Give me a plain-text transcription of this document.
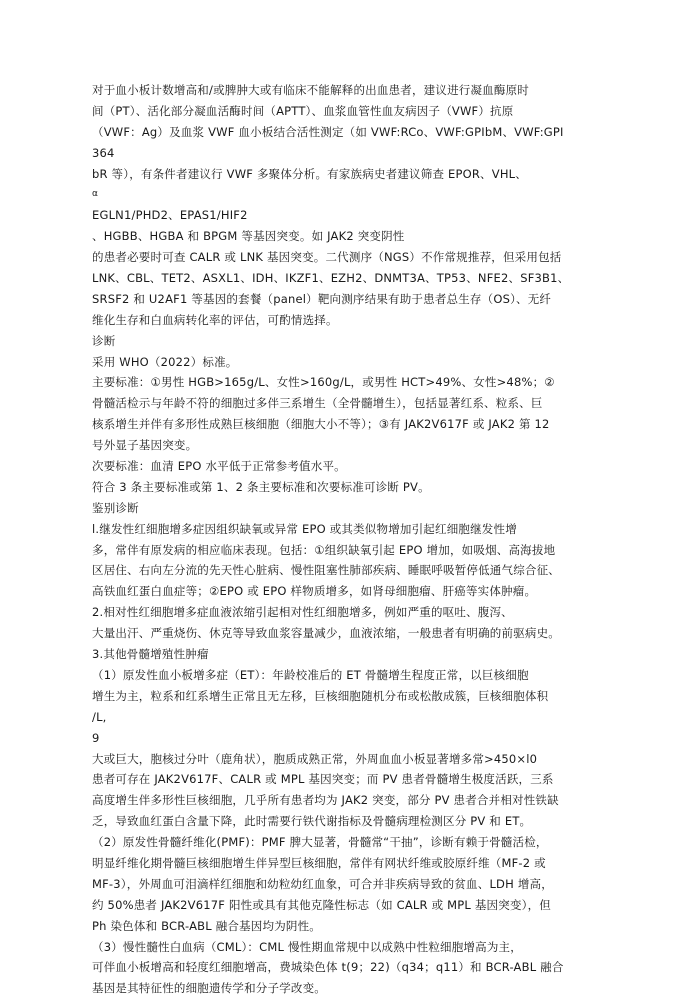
对于血小板计数增高和/或脾肿大或有临床不能解释的出血患者，建议进行凝血酶原时
间（PT）、活化部分凝血活酶时间（APTT）、血浆血管性血友病因子（VWF）抗原
（VWF：Ag）及血浆 VWF 血小板结合活性测定（如 VWF:RCo、VWF:GPⅠbM、VWF:GPⅠ
364
bR 等），有条件者建议行 VWF 多聚体分析。有家族病史者建议筛查 EPOR、VHL、
α
EGLN1/PHD2、EPAS1/HIF2
、HGBB、HGBA 和 BPGM 等基因突变。如 JAK2 突变阴性
的患者必要时可查 CALR 或 LNK 基因突变。二代测序（NGS）不作常规推荐，但采用包括
LNK、CBL、TET2、ASXL1、IDH、IKZF1、EZH2、DNMT3A、TP53、NFE2、SF3B1、
SRSF2 和 U2AF1 等基因的套餐（panel）靶向测序结果有助于患者总生存（OS）、无纤
维化生存和白血病转化率的评估，可酌情选择。
诊断
采用 WHO（2022）标准。
主要标准：①男性 HGB>165g/L、女性>160g/L，或男性 HCT>49%、女性>48%；②
骨髓活检示与年龄不符的细胞过多伴三系增生（全骨髓增生），包括显著红系、粒系、巨
核系增生并伴有多形性成熟巨核细胞（细胞大小不等）；③有 JAK2V617F 或 JAK2 第 12
号外显子基因突变。
次要标准：血清 EPO 水平低于正常参考值水平。
符合 3 条主要标准或第 1、2 条主要标准和次要标准可诊断 PV。
鉴别诊断
l.继发性红细胞增多症因组织缺氧或异常 EPO 或其类似物增加引起红细胞继发性增
多，常伴有原发病的相应临床表现。包括：①组织缺氧引起 EPO 增加，如吸烟、高海拔地
区居住、右向左分流的先天性心脏病、慢性阻塞性肺部疾病、睡眠呼吸暂停低通气综合征、
高铁血红蛋白血症等；②EPO 或 EPO 样物质增多，如肾母细胞瘤、肝癌等实体肿瘤。
2.相对性红细胞增多症血液浓缩引起相对性红细胞增多，例如严重的呕吐、腹泻、
大量出汗、严重烧伤、休克等导致血浆容量减少，血液浓缩，一般患者有明确的前驱病史。
3.其他骨髓增殖性肿瘤
（1）原发性血小板增多症（ET）：年龄校准后的 ET 骨髓增生程度正常，以巨核细胞
增生为主，粒系和红系增生正常且无左移，巨核细胞随机分布或松散成簇，巨核细胞体积
/L,
9
大或巨大，胞核过分叶（鹿角状），胞质成熟正常，外周血血小板显著增多常>450×l0
患者可存在 JAK2V617F、CALR 或 MPL 基因突变；而 PV 患者骨髓增生极度活跃，三系
高度增生伴多形性巨核细胞，几乎所有患者均为 JAK2 突变，部分 PV 患者合并相对性铁缺
乏，导致血红蛋白含量下降，此时需要行铁代谢指标及骨髓病理检测区分 PV 和 ET。
（2）原发性骨髓纤维化(PMF)：PMF 脾大显著，骨髓常“干抽”，诊断有赖于骨髓活检，
明显纤维化期骨髓巨核细胞增生伴异型巨核细胞，常伴有网状纤维或胶原纤维（MF-2 或
MF-3），外周血可泪滴样红细胞和幼粒幼红血象，可合并非疾病导致的贫血、LDH 增高，
约 50%患者 JAK2V617F 阳性或具有其他克隆性标志（如 CALR 或 MPL 基因突变），但
Ph 染色体和 BCR-ABL 融合基因均为阴性。
（3）慢性髓性白血病（CML）：CML 慢性期血常规中以成熟中性粒细胞增高为主，
可伴血小板增高和轻度红细胞增高，费城染色体 t(9；22)（q34；q11）和 BCR-ABL 融合
基因是其特征性的细胞遗传学和分子学改变。
